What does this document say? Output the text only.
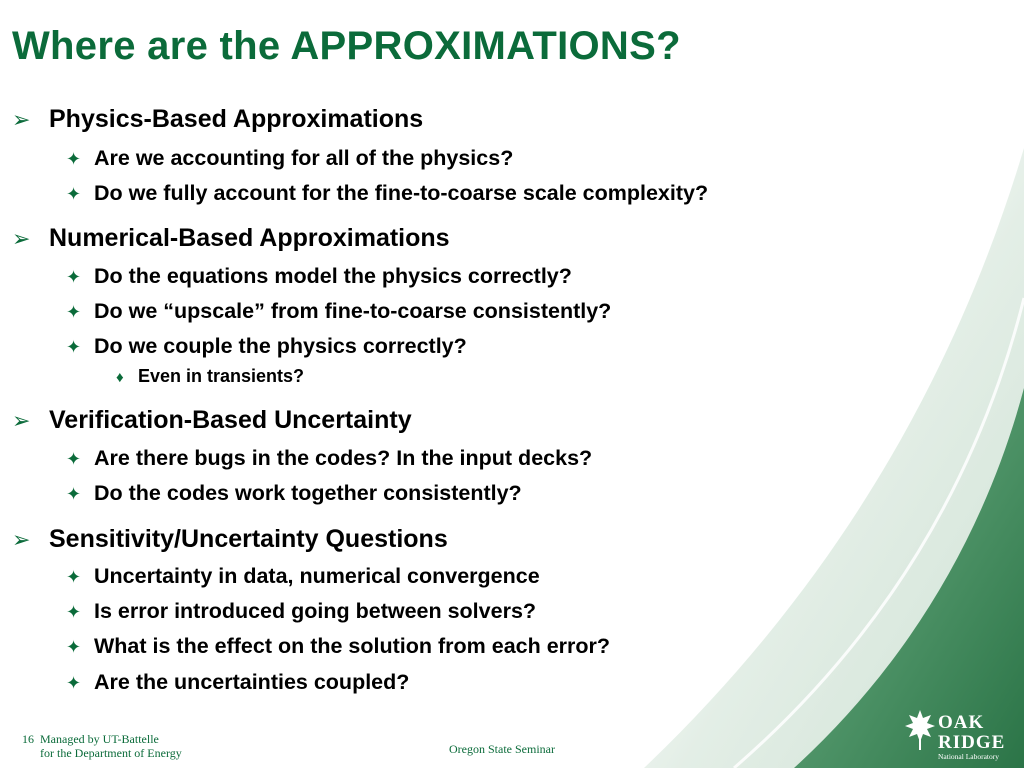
Where are the APPROXIMATIONS?
➢ Physics-Based Approximations
✦ Are we accounting for all of the physics?
✦ Do we fully account for the fine-to-coarse scale complexity?
➢ Numerical-Based Approximations
✦ Do the equations model the physics correctly?
✦ Do we “upscale” from fine-to-coarse consistently?
✦ Do we couple the physics correctly?
♦ Even in transients?
➢ Verification-Based Uncertainty
✦ Are there bugs in the codes? In the input decks?
✦ Do the codes work together consistently?
➢ Sensitivity/Uncertainty Questions
✦ Uncertainty in data, numerical convergence
✦ Is error introduced going between solvers?
✦ What is the effect on the solution from each error?
✦ Are the uncertainties coupled?
16 Managed by UT-Battelle
for the Department of Energy	Oregon State Seminar
OAK
RIDGE
National Laboratory
